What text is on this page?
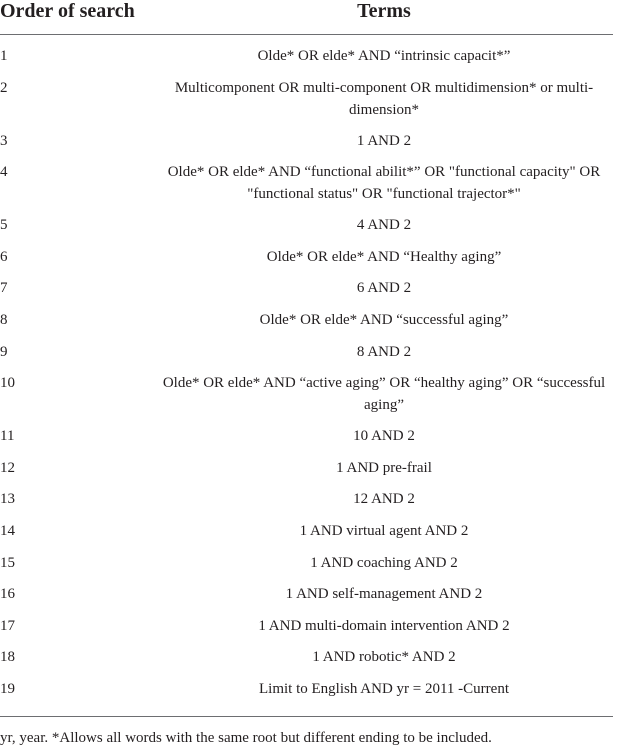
Order of search	Terms
1	Olde* OR elde* AND “intrinsic capacit*”
2	Multicomponent OR multi-component OR multidimension* or multi-dimension*
3	1 AND 2
4	Olde* OR elde* AND “functional abilit*” OR "functional capacity" OR "functional status" OR "functional trajector*"
5	4 AND 2
6	Olde* OR elde* AND “Healthy aging”
7	6 AND 2
8	Olde* OR elde* AND “successful aging”
9	8 AND 2
10	Olde* OR elde* AND “active aging” OR “healthy aging” OR “successful aging”
11	10 AND 2
12	1 AND pre-frail
13	12 AND 2
14	1 AND virtual agent AND 2
15	1 AND coaching AND 2
16	1 AND self-management AND 2
17	1 AND multi-domain intervention AND 2
18	1 AND robotic* AND 2
19	Limit to English AND yr = 2011 -Current
yr, year. *Allows all words with the same root but different ending to be included.
